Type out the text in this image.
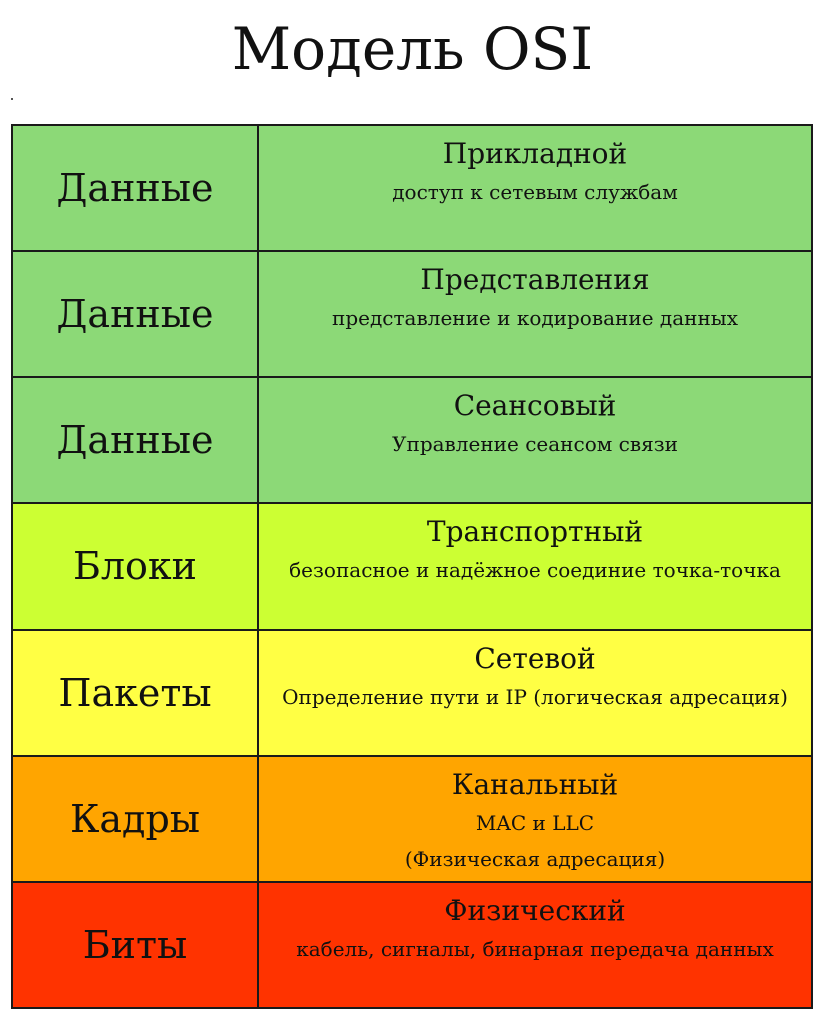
Модель OSI
Данные
Прикладной
доступ к сетевым службам
Данные
Представления
представление и кодирование данных
Данные
Сеансовый
Управление сеансом связи
Блоки
Транспортный
безопасное и надёжное соединие точка-точка
Пакеты
Сетевой
Определение пути и IP (логическая адресация)
Кадры
Канальный
MAC и LLC
(Физическая адресация)
Биты
Физический
кабель, сигналы, бинарная передача данных
